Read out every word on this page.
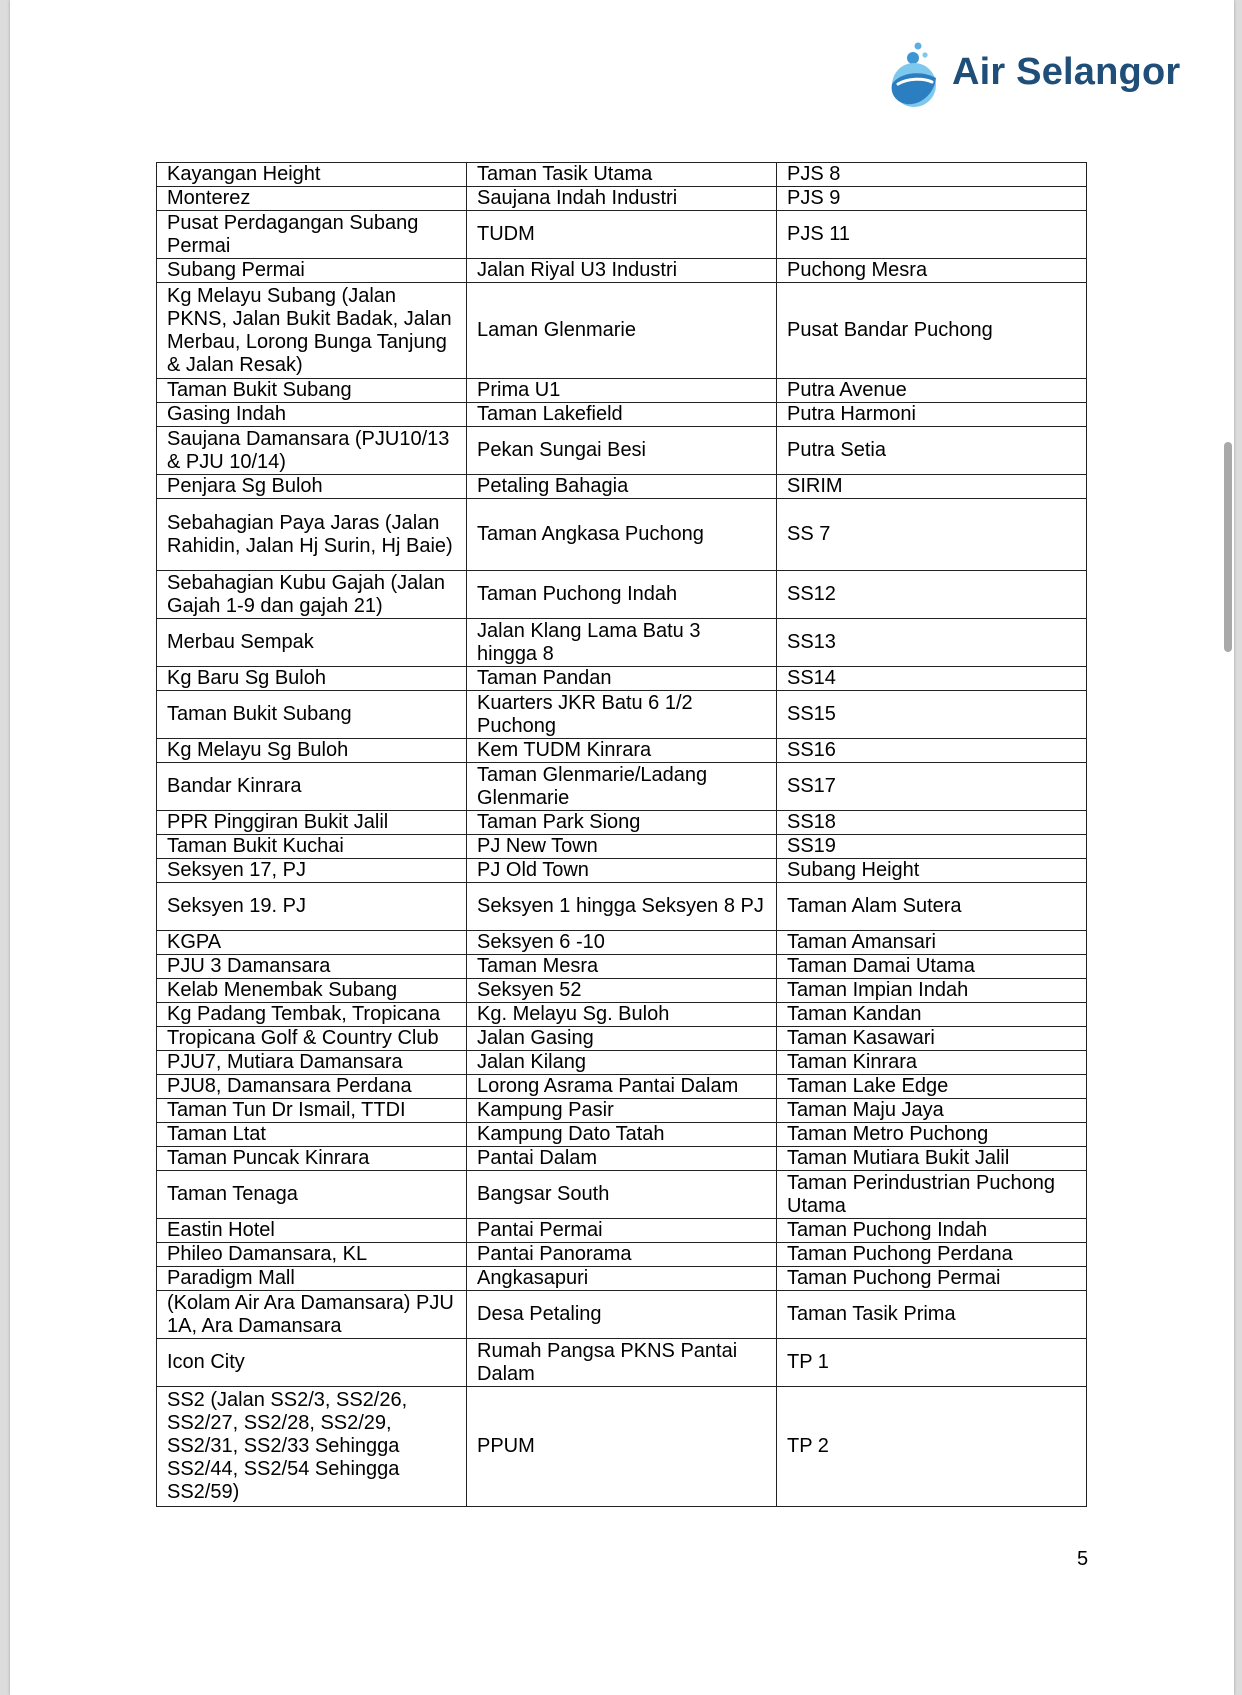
Air Selangor
Kayangan Height	Taman Tasik Utama	PJS 8
Monterez	Saujana Indah Industri	PJS 9
Pusat Perdagangan Subang Permai	TUDM	PJS 11
Subang Permai	Jalan Riyal U3 Industri	Puchong Mesra
Kg Melayu Subang (Jalan PKNS, Jalan Bukit Badak, Jalan Merbau, Lorong Bunga Tanjung & Jalan Resak)	Laman Glenmarie	Pusat Bandar Puchong
Taman Bukit Subang	Prima U1	Putra Avenue
Gasing Indah	Taman Lakefield	Putra Harmoni
Saujana Damansara (PJU10/13 & PJU 10/14)	Pekan Sungai Besi	Putra Setia
Penjara Sg Buloh	Petaling Bahagia	SIRIM
Sebahagian Paya Jaras (Jalan Rahidin, Jalan Hj Surin, Hj Baie)	Taman Angkasa Puchong	SS 7
Sebahagian Kubu Gajah (Jalan Gajah 1-9 dan gajah 21)	Taman Puchong Indah	SS12
Merbau Sempak	Jalan Klang Lama Batu 3 hingga 8	SS13
Kg Baru Sg Buloh	Taman Pandan	SS14
Taman Bukit Subang	Kuarters JKR Batu 6 1/2 Puchong	SS15
Kg Melayu Sg Buloh	Kem TUDM Kinrara	SS16
Bandar Kinrara	Taman Glenmarie/Ladang Glenmarie	SS17
PPR Pinggiran Bukit Jalil	Taman Park Siong	SS18
Taman Bukit Kuchai	PJ New Town	SS19
Seksyen 17, PJ	PJ Old Town	Subang Height
Seksyen 19. PJ	Seksyen 1 hingga Seksyen 8 PJ	Taman Alam Sutera
KGPA	Seksyen 6 -10	Taman Amansari
PJU 3 Damansara	Taman Mesra	Taman Damai Utama
Kelab Menembak Subang	Seksyen 52	Taman Impian Indah
Kg Padang Tembak, Tropicana	Kg. Melayu Sg. Buloh	Taman Kandan
Tropicana Golf & Country Club	Jalan Gasing	Taman Kasawari
PJU7, Mutiara Damansara	Jalan Kilang	Taman Kinrara
PJU8, Damansara Perdana	Lorong Asrama Pantai Dalam	Taman Lake Edge
Taman Tun Dr Ismail, TTDI	Kampung Pasir	Taman Maju Jaya
Taman Ltat	Kampung Dato Tatah	Taman Metro Puchong
Taman Puncak Kinrara	Pantai Dalam	Taman Mutiara Bukit Jalil
Taman Tenaga	Bangsar South	Taman Perindustrian Puchong Utama
Eastin Hotel	Pantai Permai	Taman Puchong Indah
Phileo Damansara, KL	Pantai Panorama	Taman Puchong Perdana
Paradigm Mall	Angkasapuri	Taman Puchong Permai
(Kolam Air Ara Damansara) PJU 1A, Ara Damansara	Desa Petaling	Taman Tasik Prima
Icon City	Rumah Pangsa PKNS Pantai Dalam	TP 1
SS2 (Jalan SS2/3, SS2/26, SS2/27, SS2/28, SS2/29, SS2/31, SS2/33 Sehingga SS2/44, SS2/54 Sehingga SS2/59)	PPUM	TP 2
5
